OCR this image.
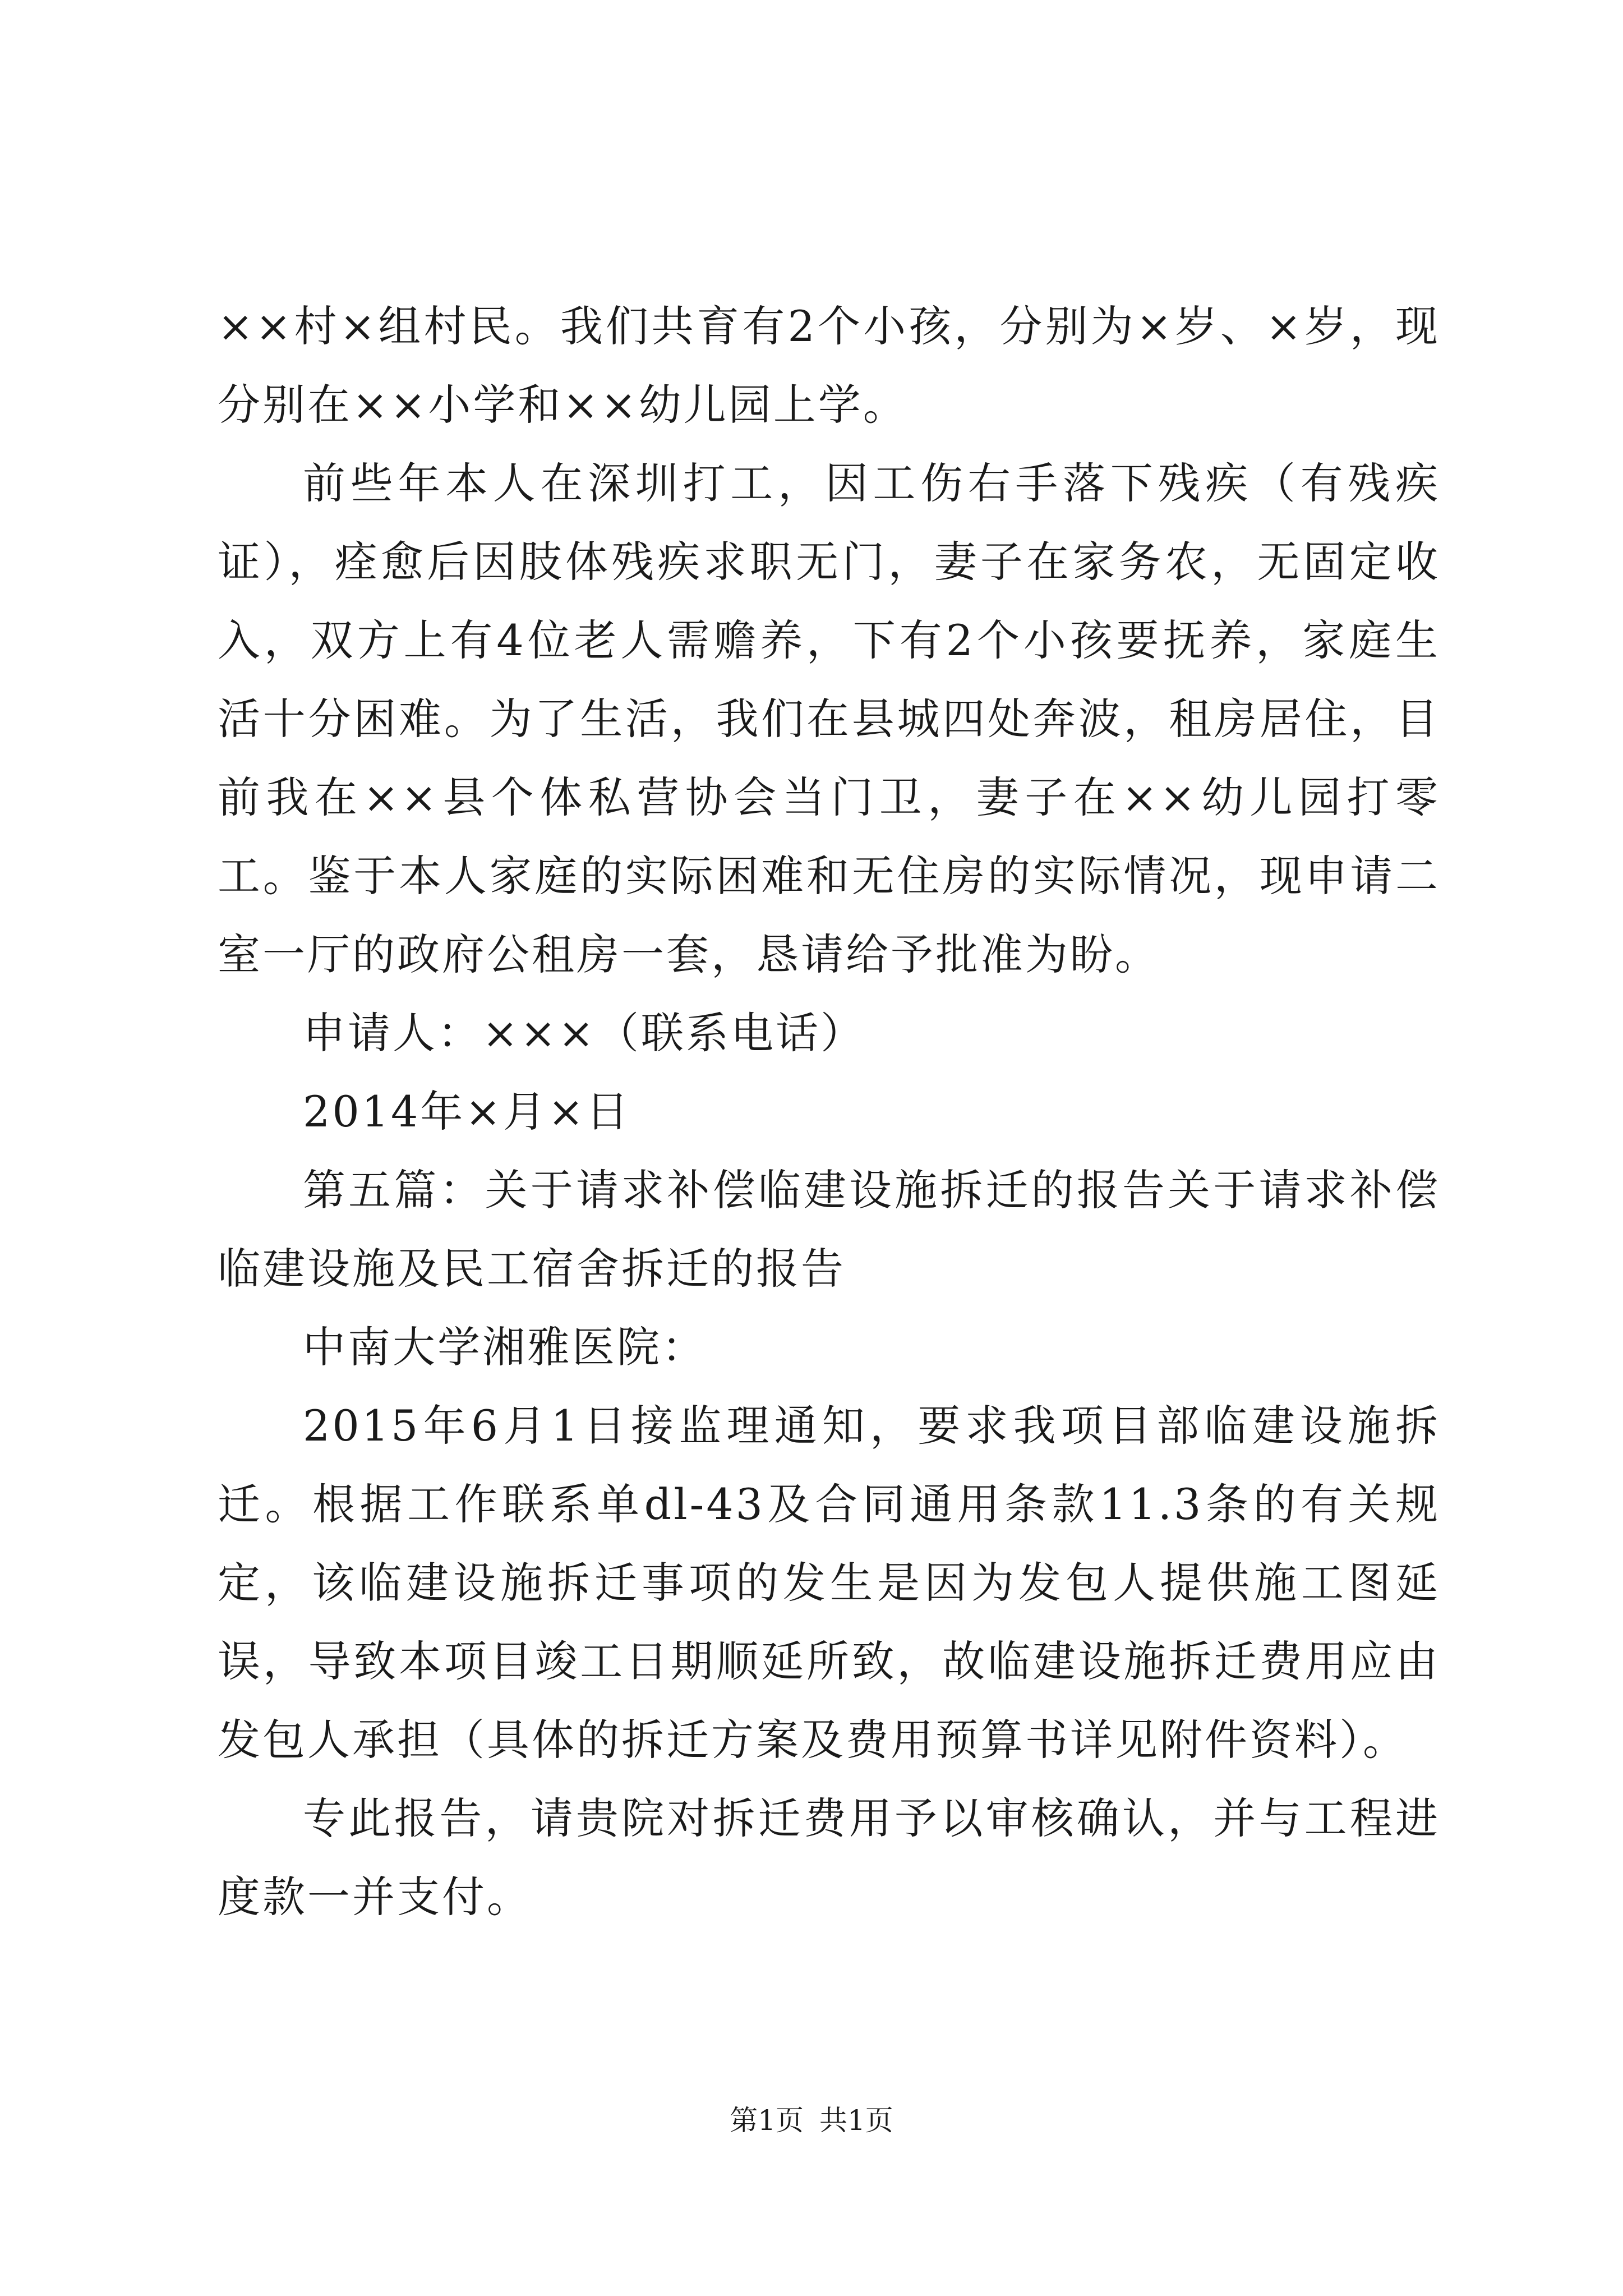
××村×组村民。我们共育有2个小孩，分别为×岁、×岁，现分别在××小学和××幼儿园上学。

前些年本人在深圳打工，因工伤右手落下残疾（有残疾证），痊愈后因肢体残疾求职无门，妻子在家务农，无固定收入，双方上有4位老人需赡养，下有2个小孩要抚养，家庭生活十分困难。为了生活，我们在县城四处奔波，租房居住，目前我在××县个体私营协会当门卫，妻子在××幼儿园打零工。鉴于本人家庭的实际困难和无住房的实际情况，现申请二室一厅的政府公租房一套，恳请给予批准为盼。

申请人：×××（联系电话）

2014年×月×日

第五篇：关于请求补偿临建设施拆迁的报告关于请求补偿临建设施及民工宿舍拆迁的报告

中南大学湘雅医院：

2015年6月1日接监理通知，要求我项目部临建设施拆迁。根据工作联系单dl-43及合同通用条款11.3条的有关规定，该临建设施拆迁事项的发生是因为发包人提供施工图延误，导致本项目竣工日期顺延所致，故临建设施拆迁费用应由发包人承担（具体的拆迁方案及费用预算书详见附件资料）。

专此报告，请贵院对拆迁费用予以审核确认，并与工程进度款一并支付。

第1页 共1页
